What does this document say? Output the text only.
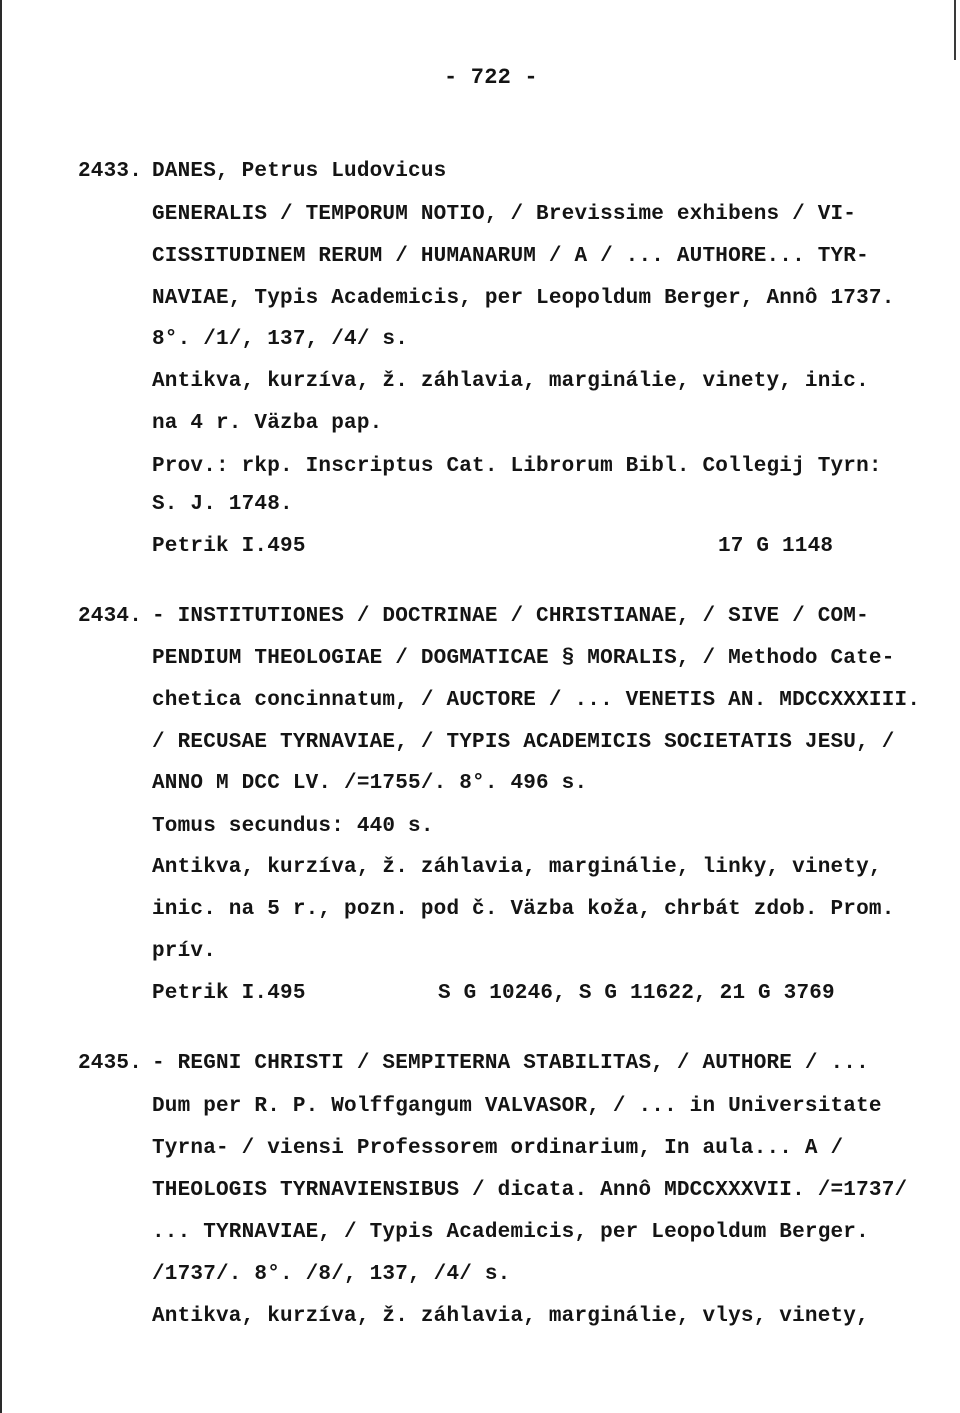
- 722 -
2433. DANES, Petrus Ludovicus
GENERALIS / TEMPORUM NOTIO, / Brevissime exhibens / VI-
CISSITUDINEM RERUM / HUMANARUM / A / ... AUTHORE... TYR-
NAVIAE, Typis Academicis, per Leopoldum Berger, Annô 1737.
8°. /1/, 137, /4/ s.
Antikva, kurzíva, ž. záhlavia, marginálie, vinety, inic.
na 4 r. Väzba pap.
Prov.: rkp. Inscriptus Cat. Librorum Bibl. Collegij Tyrn:
S. J. 1748.
Petrik I.495	17 G 1148
2434. - INSTITUTIONES / DOCTRINAE / CHRISTIANAE, / SIVE / COM-
PENDIUM THEOLOGIAE / DOGMATICAE § MORALIS, / Methodo Cate-
chetica concinnatum, / AUCTORE / ... VENETIS AN. MDCCXXXIII.
/ RECUSAE TYRNAVIAE, / TYPIS ACADEMICIS SOCIETATIS JESU, /
ANNO M DCC LV. /=1755/. 8°. 496 s.
Tomus secundus: 440 s.
Antikva, kurzíva, ž. záhlavia, marginálie, linky, vinety,
inic. na 5 r., pozn. pod č. Väzba koža, chrbát zdob. Prom.
prív.
Petrik I.495	S G 10246, S G 11622, 21 G 3769
2435. - REGNI CHRISTI / SEMPITERNA STABILITAS, / AUTHORE / ...
Dum per R. P. Wolffgangum VALVASOR, / ... in Universitate
Tyrna- / viensi Professorem ordinarium, In aula... A /
THEOLOGIS TYRNAVIENSIBUS / dicata. Annô MDCCXXXVII. /=1737/
... TYRNAVIAE, / Typis Academicis, per Leopoldum Berger.
/1737/. 8°. /8/, 137, /4/ s.
Antikva, kurzíva, ž. záhlavia, marginálie, vlys, vinety,
